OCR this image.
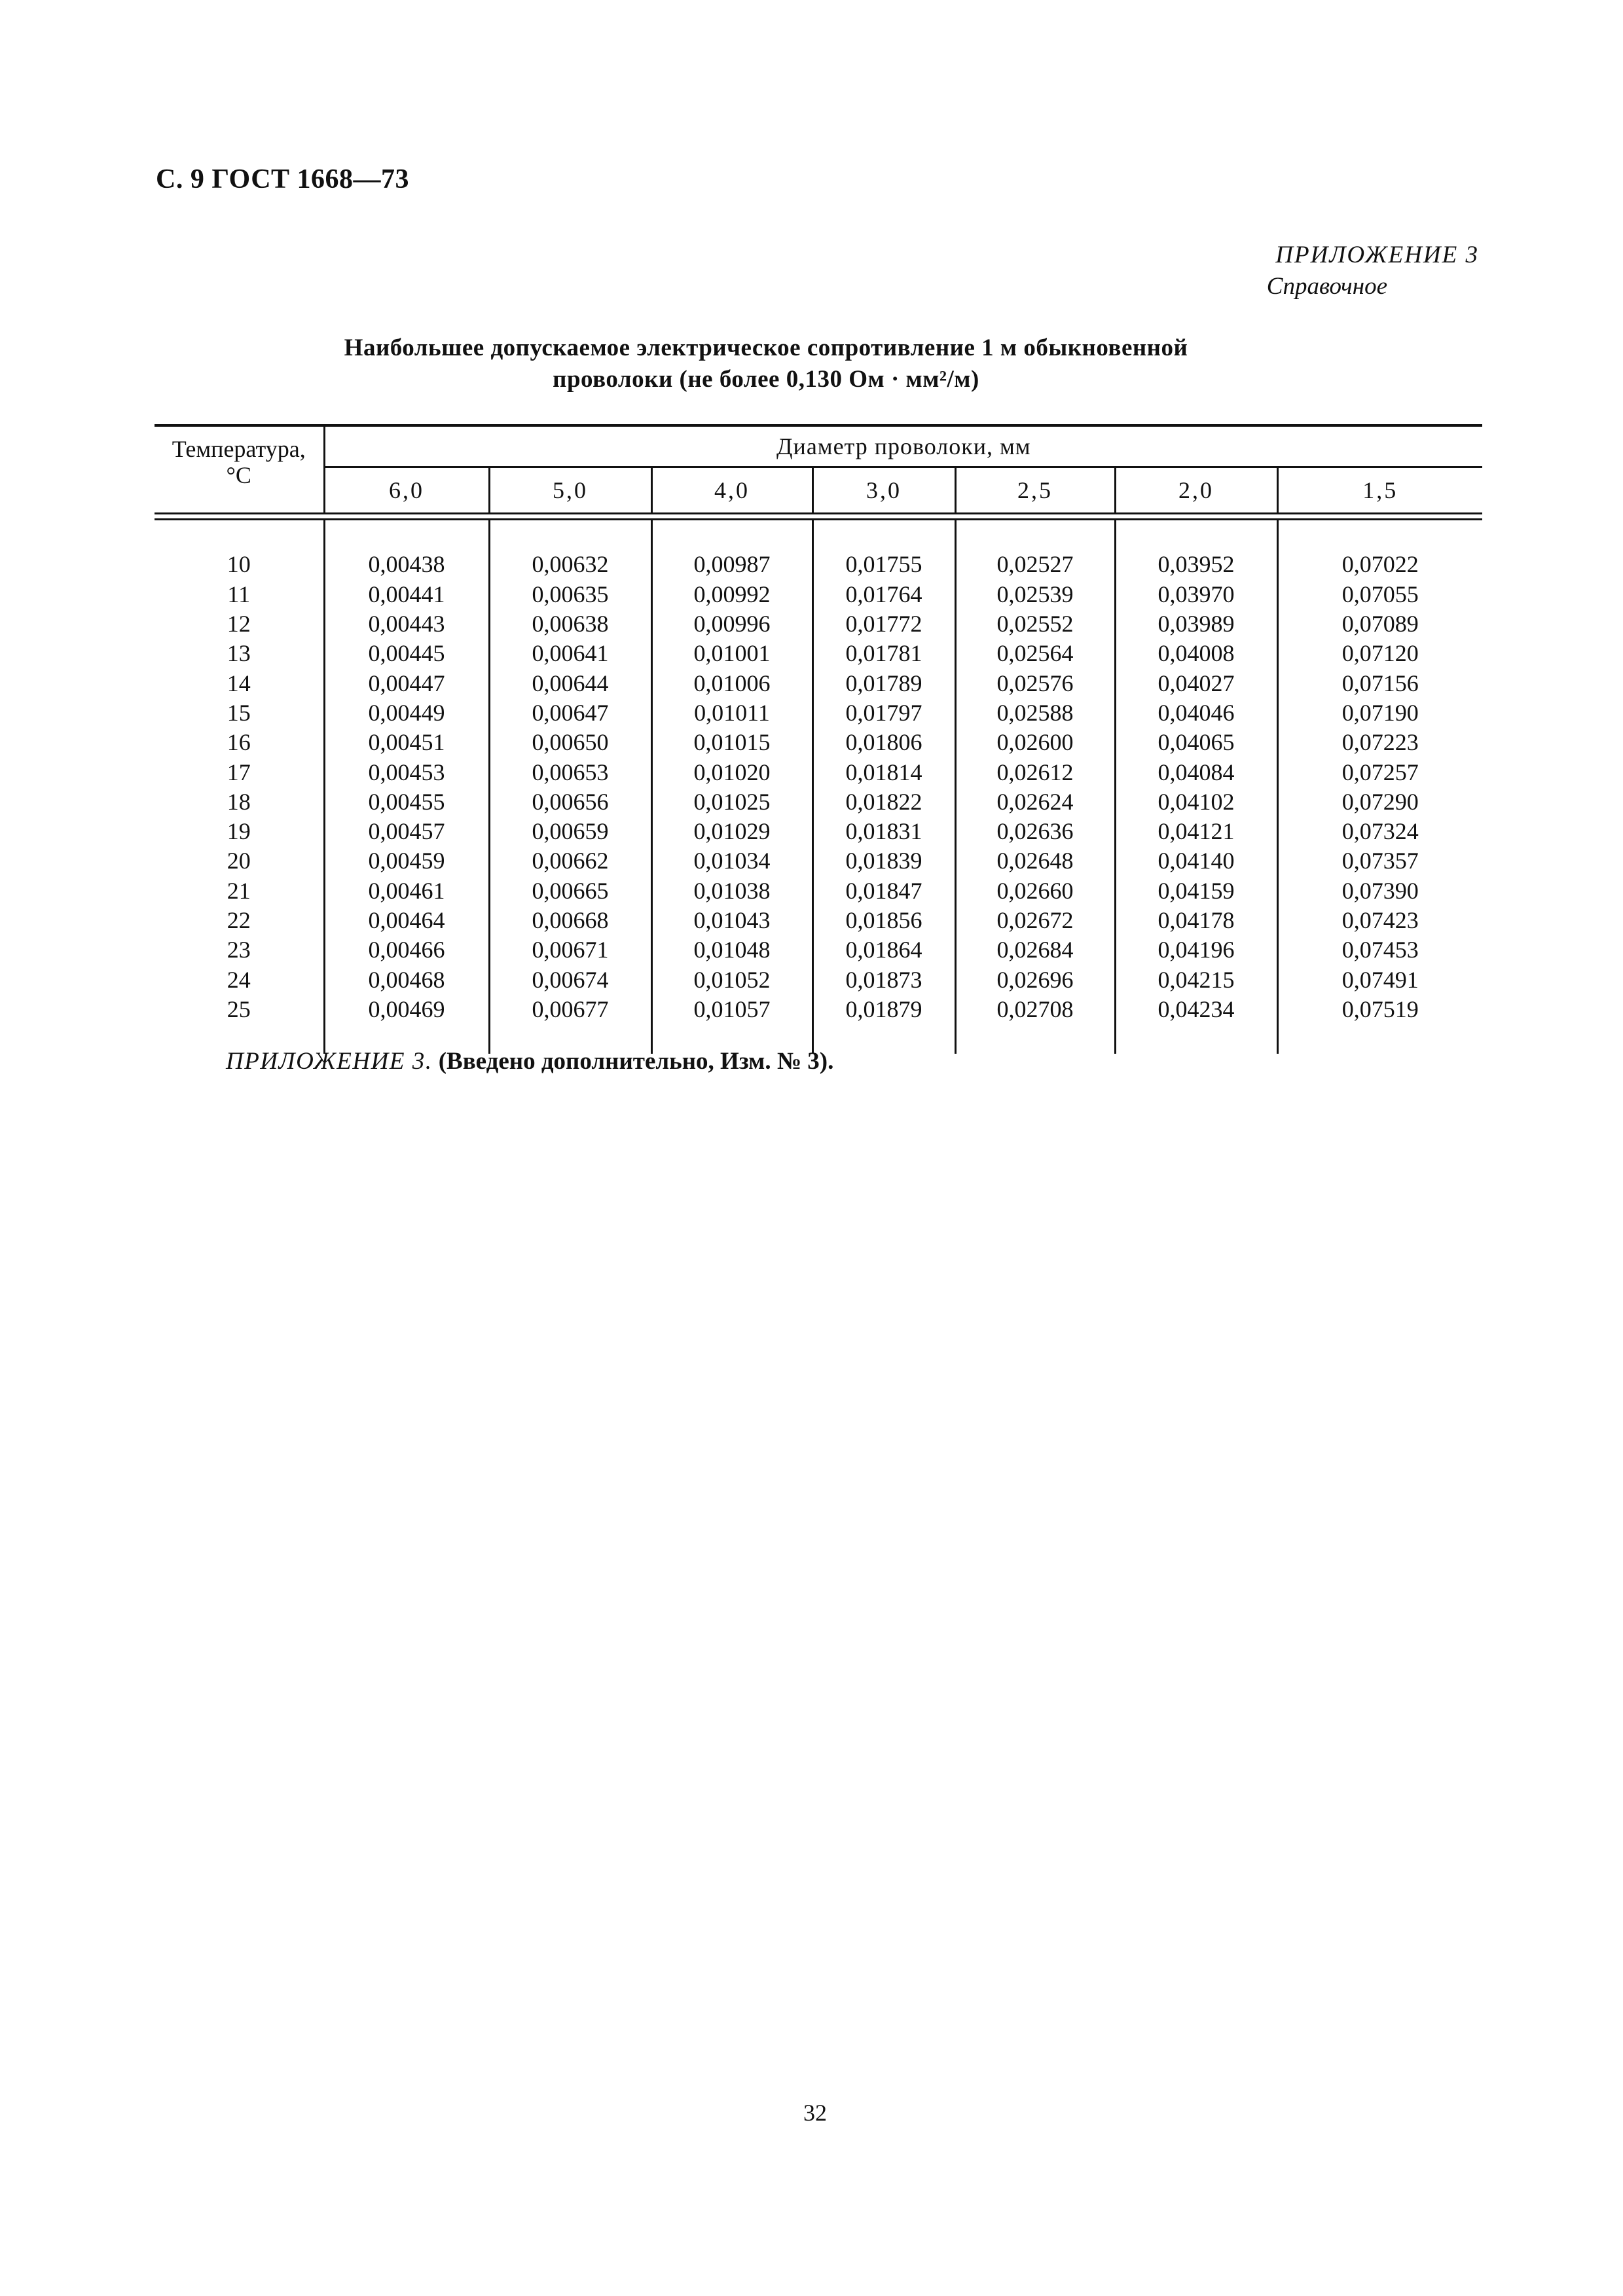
С. 9 ГОСТ 1668—73
ПРИЛОЖЕНИЕ 3
Справочное
Наибольшее допускаемое электрическое сопротивление 1 м обыкновенной
проволоки (не более 0,130 Ом · мм²/м)
Температура,
°С	Диаметр проволоки, мм						
	6,0	5,0	4,0	3,0	2,5	2,0	1,5

10	0,00438	0,00632	0,00987	0,01755	0,02527	0,03952	0,07022
11	0,00441	0,00635	0,00992	0,01764	0,02539	0,03970	0,07055
12	0,00443	0,00638	0,00996	0,01772	0,02552	0,03989	0,07089
13	0,00445	0,00641	0,01001	0,01781	0,02564	0,04008	0,07120
14	0,00447	0,00644	0,01006	0,01789	0,02576	0,04027	0,07156
15	0,00449	0,00647	0,01011	0,01797	0,02588	0,04046	0,07190
16	0,00451	0,00650	0,01015	0,01806	0,02600	0,04065	0,07223
17	0,00453	0,00653	0,01020	0,01814	0,02612	0,04084	0,07257
18	0,00455	0,00656	0,01025	0,01822	0,02624	0,04102	0,07290
19	0,00457	0,00659	0,01029	0,01831	0,02636	0,04121	0,07324
20	0,00459	0,00662	0,01034	0,01839	0,02648	0,04140	0,07357
21	0,00461	0,00665	0,01038	0,01847	0,02660	0,04159	0,07390
22	0,00464	0,00668	0,01043	0,01856	0,02672	0,04178	0,07423
23	0,00466	0,00671	0,01048	0,01864	0,02684	0,04196	0,07453
24	0,00468	0,00674	0,01052	0,01873	0,02696	0,04215	0,07491
25	0,00469	0,00677	0,01057	0,01879	0,02708	0,04234	0,07519

ПРИЛОЖЕНИЕ 3. (Введено дополнительно, Изм. № 3).
32
